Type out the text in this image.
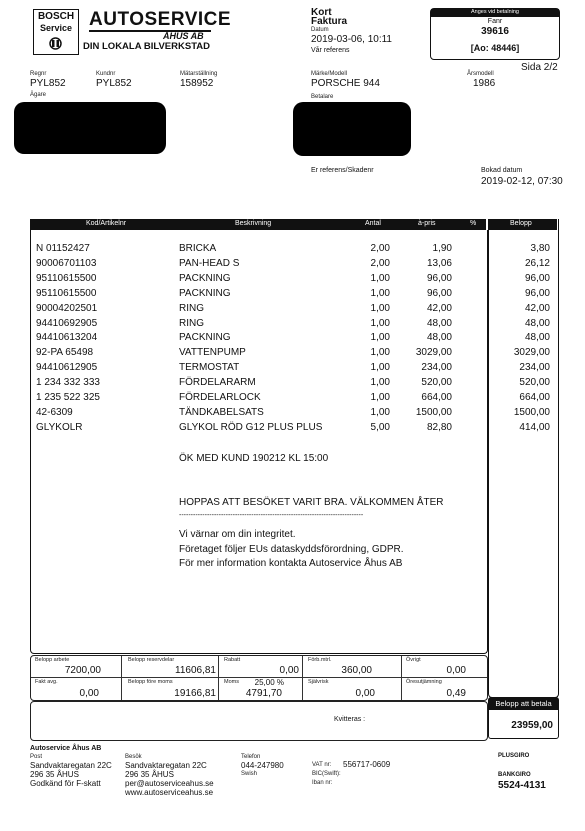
BOSCH
Service AUTOSERVICE
ÅHUS AB
DIN LOKALA BILVERKSTAD
Kort
Faktura
Datum
2019-03-06, 10:11
Vår referens
Anges vid betalning
Fanr
39616
[Ao: 48446]
Sida 2/2
Regnr
PYL852
Kundnr
PYL852
Mätarställning
158952
Ägare
Märke/Modell
PORSCHE 944
Årsmodell
1986
Betalare
Er referens/Skadenr	Bokad datum
2019-02-12, 07:30
Kod/Artikelnr	Beskrivning	Antal	à-pris	%	Belopp
N 01152427	BRICKA	2,00	1,90	3,80
90006701103	PAN-HEAD S	2,00	13,06	26,12
95110615500	PACKNING	1,00	96,00	96,00
95110615500	PACKNING	1,00	96,00	96,00
90004202501	RING	1,00	42,00	42,00
94410692905	RING	1,00	48,00	48,00
94410613204	PACKNING	1,00	48,00	48,00
92-PA 65498	VATTENPUMP	1,00	3029,00	3029,00
94410612905	TERMOSTAT	1,00	234,00	234,00
1 234 332 333	FÖRDELARARM	1,00	520,00	520,00
1 235 522 325	FÖRDELARLOCK	1,00	664,00	664,00
42-6309	TÄNDKABELSATS	1,00	1500,00	1500,00
GLYKOLR	GLYKOL RÖD G12 PLUS PLUS	5,00	82,80	414,00
ÖK MED KUND 190212 KL 15:00
HOPPAS ATT BESÖKET VARIT BRA. VÄLKOMMEN ÅTER
-------------------------------------------------------------------------------
Vi värnar om din integritet.
Företaget följer EUs dataskyddsförordning, GDPR.
För mer information kontakta Autoservice Åhus AB
Belopp arbete
7200,00
Belopp reservdelar
11606,81
Rabatt
0,00
Förb.mtrl.
360,00
Övrigt
0,00
Fakt avg.
0,00
Belopp före moms
19166,81
Moms	25,00 %
4791,70
Självrisk
0,00
Öresutjämning
0,49
Kvitteras :
Belopp att betala
23959,00
Autoservice Åhus AB
Post
Sandvaktaregatan 22C
296 35 ÅHUS
Godkänd för F-skatt
Besök
Sandvaktaregatan 22C
296 35 ÅHUS
per@autoserviceahus.se
www.autoserviceahus.se
Telefon
044-247980
Swish
VAT nr: 556717-0609
BIC(Swift):
Iban nr:
PLUSGIRO
BANKGIRO
5524-4131
